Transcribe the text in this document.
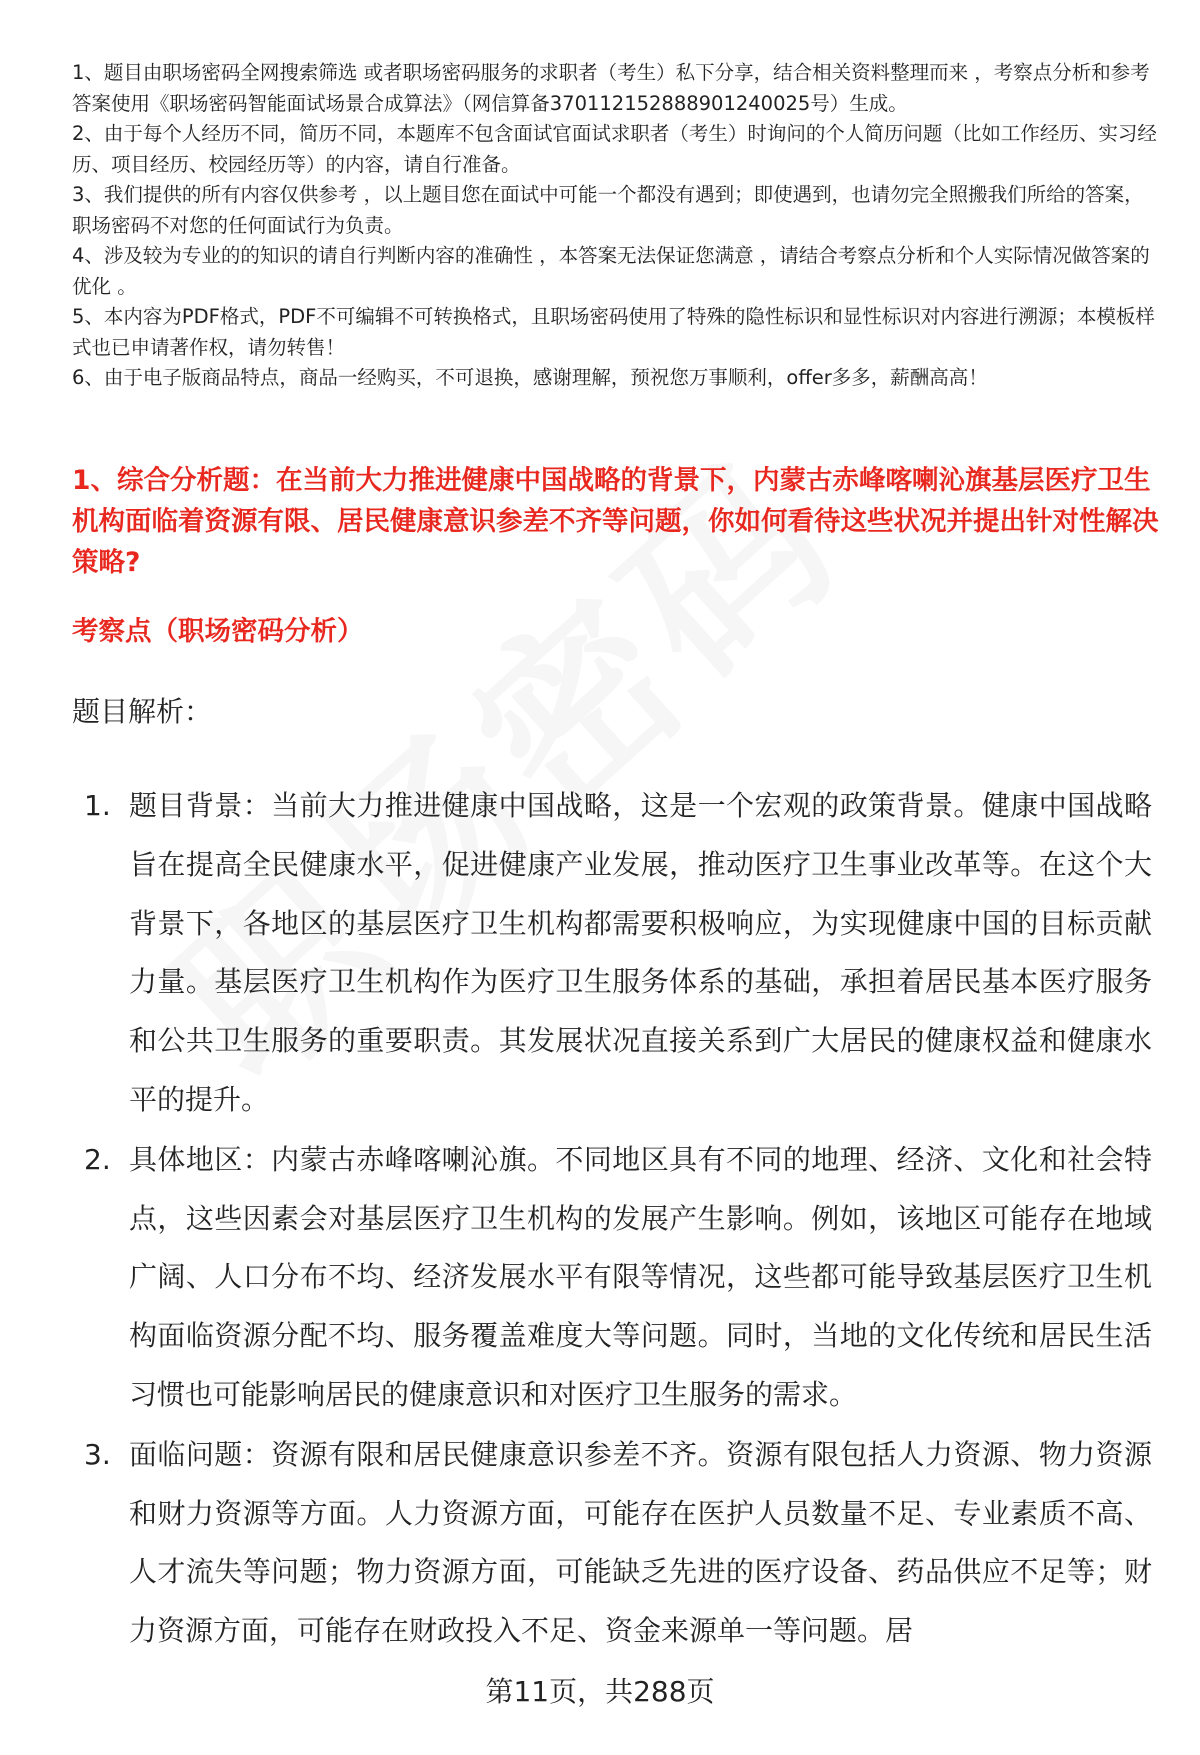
1、题目由职场密码全网搜索筛选 或者职场密码服务的求职者（考生）私下分享，结合相关资料整理而来 ，考察点分析和参考答案使用《职场密码智能面试场景合成算法》（网信算备370112152888901240025号）生成。

2、由于每个人经历不同，简历不同，本题库不包含面试官面试求职者（考生）时询问的个人简历问题（比如工作经历、实习经历、项目经历、校园经历等）的内容，请自行准备。

3、我们提供的所有内容仅供参考 ，以上题目您在面试中可能一个都没有遇到；即使遇到，也请勿完全照搬我们所给的答案，职场密码不对您的任何面试行为负责。

4、涉及较为专业的的知识的请自行判断内容的准确性 ，本答案无法保证您满意 ，请结合考察点分析和个人实际情况做答案的优化 。

5、本内容为PDF格式，PDF不可编辑不可转换格式，且职场密码使用了特殊的隐性标识和显性标识对内容进行溯源；本模板样式也已申请著作权，请勿转售！

6、由于电子版商品特点，商品一经购买，不可退换，感谢理解，预祝您万事顺利，offer多多，薪酬高高！

1、综合分析题：在当前大力推进健康中国战略的背景下，内蒙古赤峰喀喇沁旗基层医疗卫生机构面临着资源有限、居民健康意识参差不齐等问题，你如何看待这些状况并提出针对性解决策略?
考察点（职场密码分析）

题目解析：

1. 题目背景：当前大力推进健康中国战略，这是一个宏观的政策背景。健康中国战略旨在提高全民健康水平，促进健康产业发展，推动医疗卫生事业改革等。在这个大背景下，各地区的基层医疗卫生机构都需要积极响应，为实现健康中国的目标贡献力量。基层医疗卫生机构作为医疗卫生服务体系的基础，承担着居民基本医疗服务和公共卫生服务的重要职责。其发展状况直接关系到广大居民的健康权益和健康水平的提升。
2. 具体地区：内蒙古赤峰喀喇沁旗。不同地区具有不同的地理、经济、文化和社会特点，这些因素会对基层医疗卫生机构的发展产生影响。例如，该地区可能存在地域广阔、人口分布不均、经济发展水平有限等情况，这些都可能导致基层医疗卫生机构面临资源分配不均、服务覆盖难度大等问题。同时，当地的文化传统和居民生活习惯也可能影响居民的健康意识和对医疗卫生服务的需求。
3. 面临问题：资源有限和居民健康意识参差不齐。资源有限包括人力资源、物力资源和财力资源等方面。人力资源方面，可能存在医护人员数量不足、专业素质不高、人才流失等问题；物力资源方面，可能缺乏先进的医疗设备、药品供应不足等；财力资源方面，可能存在财政投入不足、资金来源单一等问题。居
第11页，共288页
